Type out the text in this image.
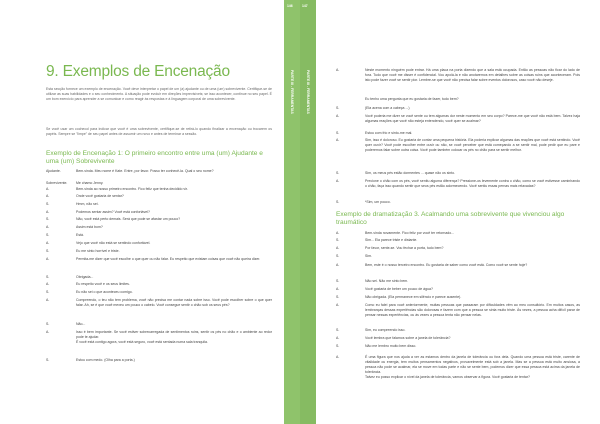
9. Exemplos de Encenação

Esta secção fornece um exemplo de encenação. Você deve interpretar o papel de um (a) ajudante ou de uma (um) sobrevivente. Certifique-se de utilizar as suas habilidades e o seu conhecimento. A situação pode evoluir em direções imprevisíveis; se isso acontecer, continue no seu papel. É um bom exercício para aprender a se comunicar e como reagir às respostas e à linguagem corporal de uma sobrevivente.

Se você usar um cochecol para indicar que você é uma sobrevivente, certifique-se de retirá-lo quando finalizar a encenação ou trocarem os papéis. Sempre se "limpe" de seu papel antes de assumir um novo e antes de terminar a sessão.

Exemplo de Encenação 1: O primeiro encontro entre uma (um) Ajudante e uma (um) Sobrevivente
Ajudante.	Bem-vinda. Meu nome é Kate. Entre, por favor. Posso ter conhecê-la. Qual o seu nome?
Sobrevivente. Me chamo Jenny.
A.	Bem-vinda ao nosso primeiro encontro. Fico feliz que tenha decidido vir.
A.	Onde você gostaria de sentar?
S.	Hmm, não sei.
A.	Podemos sentar assim? Você está confortável?
S.	Não, você está perto demais. Será que pode se afastar um pouco?
A.	Assim está bom?
S.	Está.
A.	Vejo que você não está se sentindo confortável.
S.	Eu me sinto horrível e triste.
A.	Permita-me dizer que você escolhe o que quer ou não falar. Eu respeito que existam coisas que você não queira dizer.
S.	Obrigada...
A.	Eu respeito você e os seus limites.
S.	Eu não sei o que aconteceu comigo.
A.	Compreendo, o teu não tem problema, você não precisa me contar nada sobre isso. Você pode escolher sobre o que quer falar. Ah, se é que você mexeu um pouco o cabelo. Você consegue sentir o chão sob os seus pés?
S.	Não...
A.	Isso é bem importante. Se você estiver sobrecarregada de sentimentos ruins, sentir os pés no chão e o ambiente ao redor pode te ajudar.
É você está contigo agora, você está seguro, você está sentada numa sala tranquila.
S.	Estou com medo. (Olha para a porta.)
146
PARTE III ‑ FERRAMENTAS
147
PARTE III ‑ FERRAMENTAS	A.	Neste momento ninguém pode entrar. Há uma placa na porta dizendo que a sala está ocupada. Então as pessoas não ficar do lado de fora. Tudo que você me disser é confidencial. Vou apoiá-la e não anotaremos em detalhes sobre as coisas ruins que aconteceram. Pois isto pode fazer você se sentir pior. Lembre-se que você não precisa falar sobre eventos dolorosos, caso você não deseje.
Eu tenho uma pergunta que eu gostaria de fazer, tudo bem?
S.	(Ela acena com a cabeça ...)
A.	Você poderia me dizer se você sente ou tem algumas dor neste momento em seu corpo? Parece-me que você não está bem. Talvez haja algumas reações que você não esteja entendendo, você quer se acalmar?
S.	Estou com frio e sinto-me mal.
A.	Sim, isso é doloroso. Eu gostaria de contar uma pequena história. Ela poderia explicar algumas das reações que você está sentindo. Você quer ouvir? Você pode escolher entre ouvir ou não, se você perceber que está começando a se sentir mal, pode pedir que eu pare e poderemos falar sobre outra coisa. Você pode também colocar os pés no chão para se sentir melhor.
S.	Sim, os meus pés estão dormentes ... quase não os sinto.
A.	Precione o chão com os pés, você sentiu alguma diferença? Pressione-os levemente contra o chão, como se você estivesse caminhando o chão, faça isso quando sentir que seus pés estão adormecendo. Você sentiu essas pernas mais relaxadas?
S.	*Sim, um pouco.
Exemplo de dramatização 3. Acalmando uma sobrevivente que vivenciou algo traumático
A.	Bem-vinda novamente. Fico feliz por você ter retornado...
S.	Sim... Ela parece triste e distante.
A.	Por favor, sente-se. Vou fechar a porta, tudo bem?
S.	Sim.
A.	Bem, este é o nosso terceiro encontro. Eu gostaria de saber como você está. Como você se sente hoje?
S.	Não sei. Não me sinto bem.
A.	Você gostaria de beber um pouco de água?
S.	Não obrigada. (Ela permanece em silêncio e parece ausente).
A.	Como eu falei para você anteriormente, muitas pessoas que passaram por dificuldades vêm ao meu consultório. Em muitos casos, as lembranças dessas experiências são dolorosas e fazem com que a pessoa se sinta muito triste. Às vezes, a pessoa acha difícil parar de pensar nessas experiências, ou às vezes a pessoa tenta não pensar nelas.
S.	Sim, eu compreendo isso.
A.	Você lembra que falamos sobre a janela de tolerância?
S.	Não me lembro muito bem disso.
A.	É uma figura que nos ajuda a ver as estamos dentro da janela de tolerância ou fora dela. Quando uma pessoa está triste, carente de vitalidade ou energia, tem muitos pensamentos negativos, provavelmente está sob a janela. Mas se a pessoa está muito ansiosa, a pessoa não pode se acalmar, ela se move em todas parte e não se sente bem, podemos dizer que essa pessoa está acima da janela de tolerância.
Talvez eu posso explicar o nível da janela de tolerância, vamos observar a figura. Você gostaria de tentar?
